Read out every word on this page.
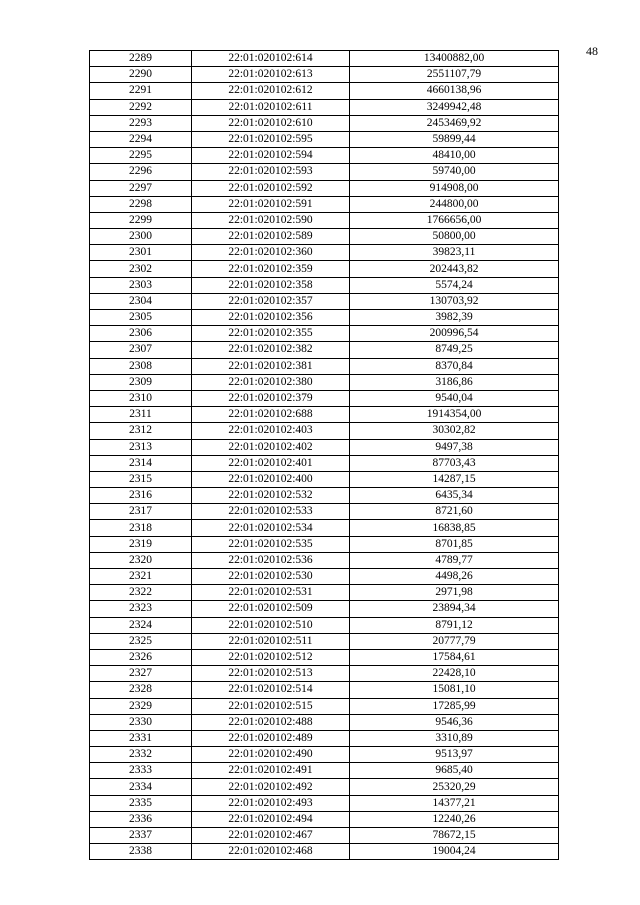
48
2289	22:01:020102:614	13400882,00
2290	22:01:020102:613	2551107,79
2291	22:01:020102:612	4660138,96
2292	22:01:020102:611	3249942,48
2293	22:01:020102:610	2453469,92
2294	22:01:020102:595	59899,44
2295	22:01:020102:594	48410,00
2296	22:01:020102:593	59740,00
2297	22:01:020102:592	914908,00
2298	22:01:020102:591	244800,00
2299	22:01:020102:590	1766656,00
2300	22:01:020102:589	50800,00
2301	22:01:020102:360	39823,11
2302	22:01:020102:359	202443,82
2303	22:01:020102:358	5574,24
2304	22:01:020102:357	130703,92
2305	22:01:020102:356	3982,39
2306	22:01:020102:355	200996,54
2307	22:01:020102:382	8749,25
2308	22:01:020102:381	8370,84
2309	22:01:020102:380	3186,86
2310	22:01:020102:379	9540,04
2311	22:01:020102:688	1914354,00
2312	22:01:020102:403	30302,82
2313	22:01:020102:402	9497,38
2314	22:01:020102:401	87703,43
2315	22:01:020102:400	14287,15
2316	22:01:020102:532	6435,34
2317	22:01:020102:533	8721,60
2318	22:01:020102:534	16838,85
2319	22:01:020102:535	8701,85
2320	22:01:020102:536	4789,77
2321	22:01:020102:530	4498,26
2322	22:01:020102:531	2971,98
2323	22:01:020102:509	23894,34
2324	22:01:020102:510	8791,12
2325	22:01:020102:511	20777,79
2326	22:01:020102:512	17584,61
2327	22:01:020102:513	22428,10
2328	22:01:020102:514	15081,10
2329	22:01:020102:515	17285,99
2330	22:01:020102:488	9546,36
2331	22:01:020102:489	3310,89
2332	22:01:020102:490	9513,97
2333	22:01:020102:491	9685,40
2334	22:01:020102:492	25320,29
2335	22:01:020102:493	14377,21
2336	22:01:020102:494	12240,26
2337	22:01:020102:467	78672,15
2338	22:01:020102:468	19004,24
